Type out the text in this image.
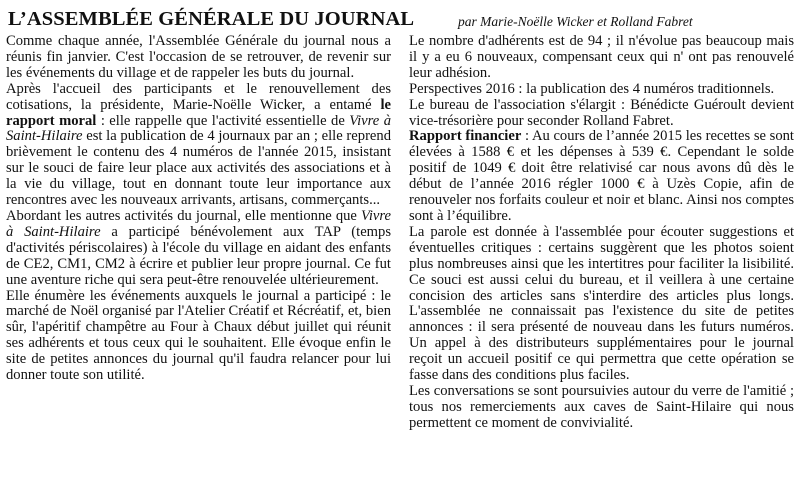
L’ASSEMBLÉE GÉNÉRALE DU JOURNAL	par Marie-Noëlle Wicker et Rolland Fabret

Comme chaque année, l'Assemblée Générale du journal nous a réunis fin janvier. C'est l'occasion de se retrouver, de revenir sur les événements du village et de rappeler les buts du journal.

Après l'accueil des participants et le renouvellement des cotisations, la présidente, Marie-Noëlle Wicker, a entamé le rapport moral : elle rappelle que l'activité essentielle de Vivre à Saint-Hilaire est la publication de 4 journaux par an ; elle reprend brièvement le contenu des 4 numéros de l'année 2015, insistant sur le souci de faire leur place aux activités des associations et à la vie du village, tout en donnant toute leur importance aux rencontres avec les nouveaux arrivants, artisans, commerçants...

Abordant les autres activités du journal, elle mentionne que Vivre à Saint-Hilaire a participé bénévolement aux TAP (temps d'activités périscolaires) à l'école du village en aidant des enfants de CE2, CM1, CM2 à écrire et publier leur propre journal. Ce fut une aventure riche qui sera peut-être renouvelée ultérieurement.

Elle énumère les événements auxquels le journal a participé : le marché de Noël organisé par l'Atelier Créatif et Récréatif, et, bien sûr, l'apéritif champêtre au Four à Chaux début juillet qui réunit ses adhérents et tous ceux qui le souhaitent. Elle évoque enfin le site de petites annonces du journal qu'il faudra relancer pour lui donner toute son utilité.

Le nombre d'adhérents est de 94 ; il n'évolue pas beaucoup mais il y a eu 6 nouveaux, compensant ceux qui n' ont pas renouvelé leur adhésion.

Perspectives 2016 : la publication des 4 numéros traditionnels.

Le bureau de l'association s'élargit : Bénédicte Guéroult devient vice-trésorière pour seconder Rolland Fabret.

Rapport financier : Au cours de l’année 2015 les recettes se sont élevées à 1588 € et les dépenses à 539 €. Cependant le solde positif de 1049 € doit être relativisé car nous avons dû dès le début de l’année 2016 régler 1000 € à Uzès Copie, afin de renouveler nos forfaits couleur et noir et blanc. Ainsi nos comptes sont à l’équilibre.

La parole est donnée à l'assemblée pour écouter suggestions et éventuelles critiques : certains suggèrent que les photos soient plus nombreuses ainsi que les intertitres pour faciliter la lisibilité. Ce souci est aussi celui du bureau, et il veillera à une certaine concision des articles sans s'interdire des articles plus longs. L'assemblée ne connaissait pas l'existence du site de petites annonces : il sera présenté de nouveau dans les futurs numéros. Un appel à des distributeurs supplémentaires pour le journal reçoit un accueil positif ce qui permettra que cette opération se fasse dans des conditions plus faciles.

Les conversations se sont poursuivies autour du verre de l'amitié ; tous nos remerciements aux caves de Saint-Hilaire qui nous permettent ce moment de convivialité.
